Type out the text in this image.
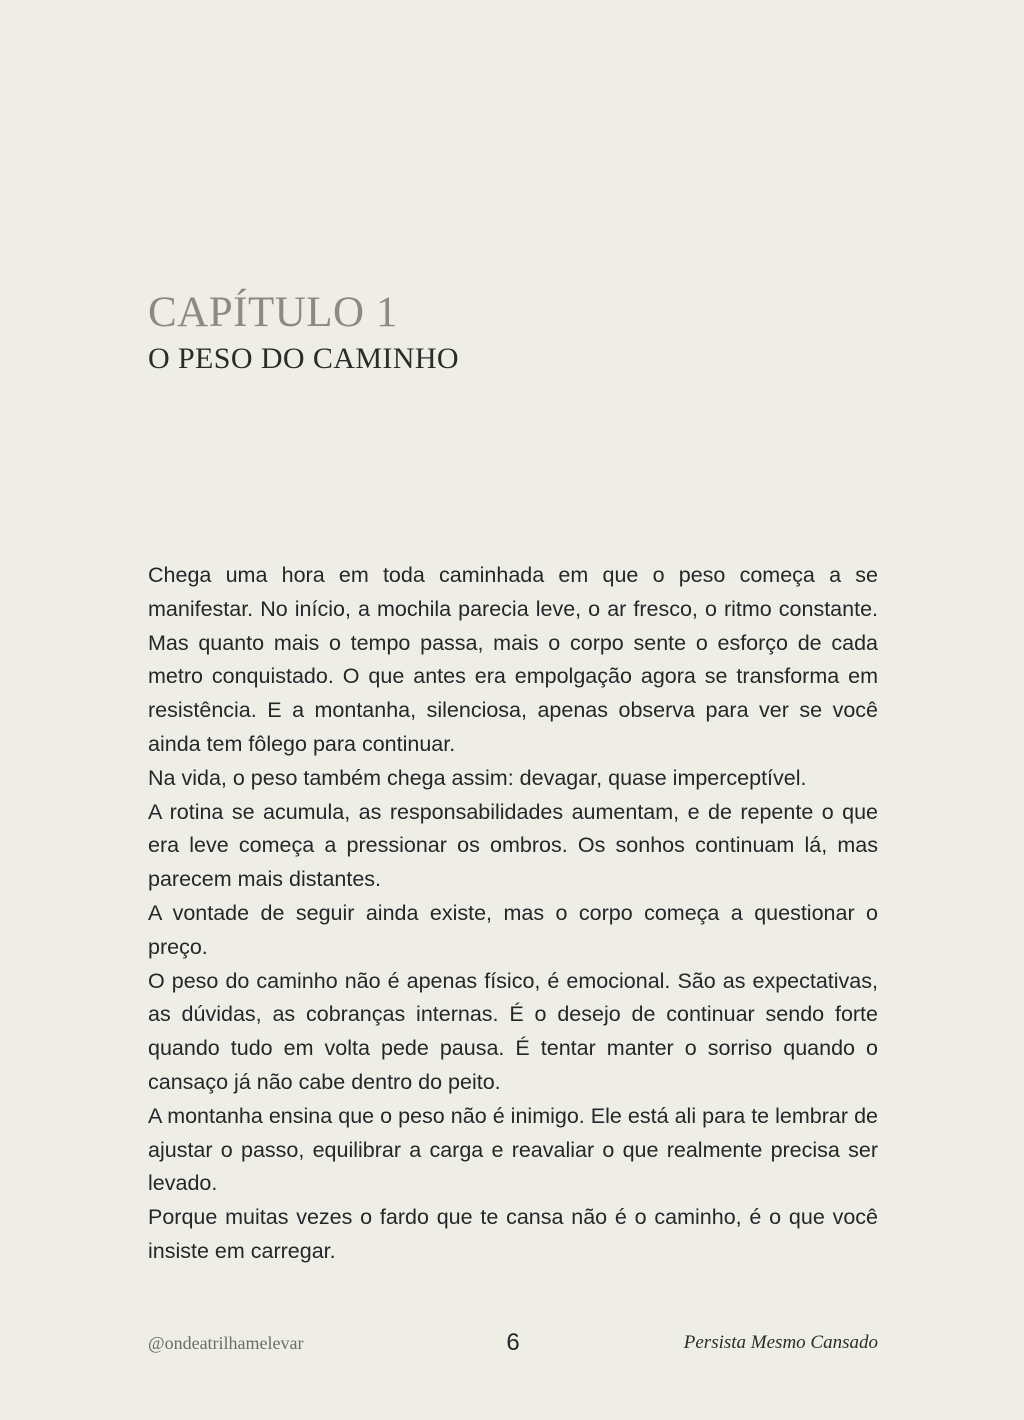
CAPÍTULO 1
O PESO DO CAMINHO

Chega uma hora em toda caminhada em que o peso começa a se manifestar. No início, a mochila parecia leve, o ar fresco, o ritmo constante. Mas quanto mais o tempo passa, mais o corpo sente o esforço de cada metro conquistado. O que antes era empolgação agora se transforma em resistência. E a montanha, silenciosa, apenas observa para ver se você ainda tem fôlego para continuar.

Na vida, o peso também chega assim: devagar, quase imperceptível.

A rotina se acumula, as responsabilidades aumentam, e de repente o que era leve começa a pressionar os ombros. Os sonhos continuam lá, mas parecem mais distantes.

A vontade de seguir ainda existe, mas o corpo começa a questionar o preço.

O peso do caminho não é apenas físico, é emocional. São as expectativas, as dúvidas, as cobranças internas. É o desejo de continuar sendo forte quando tudo em volta pede pausa. É tentar manter o sorriso quando o cansaço já não cabe dentro do peito.

A montanha ensina que o peso não é inimigo. Ele está ali para te lembrar de ajustar o passo, equilibrar a carga e reavaliar o que realmente precisa ser levado.

Porque muitas vezes o fardo que te cansa não é o caminho, é o que você insiste em carregar.

@ondeatrilhamelevar	6	Persista Mesmo Cansado
